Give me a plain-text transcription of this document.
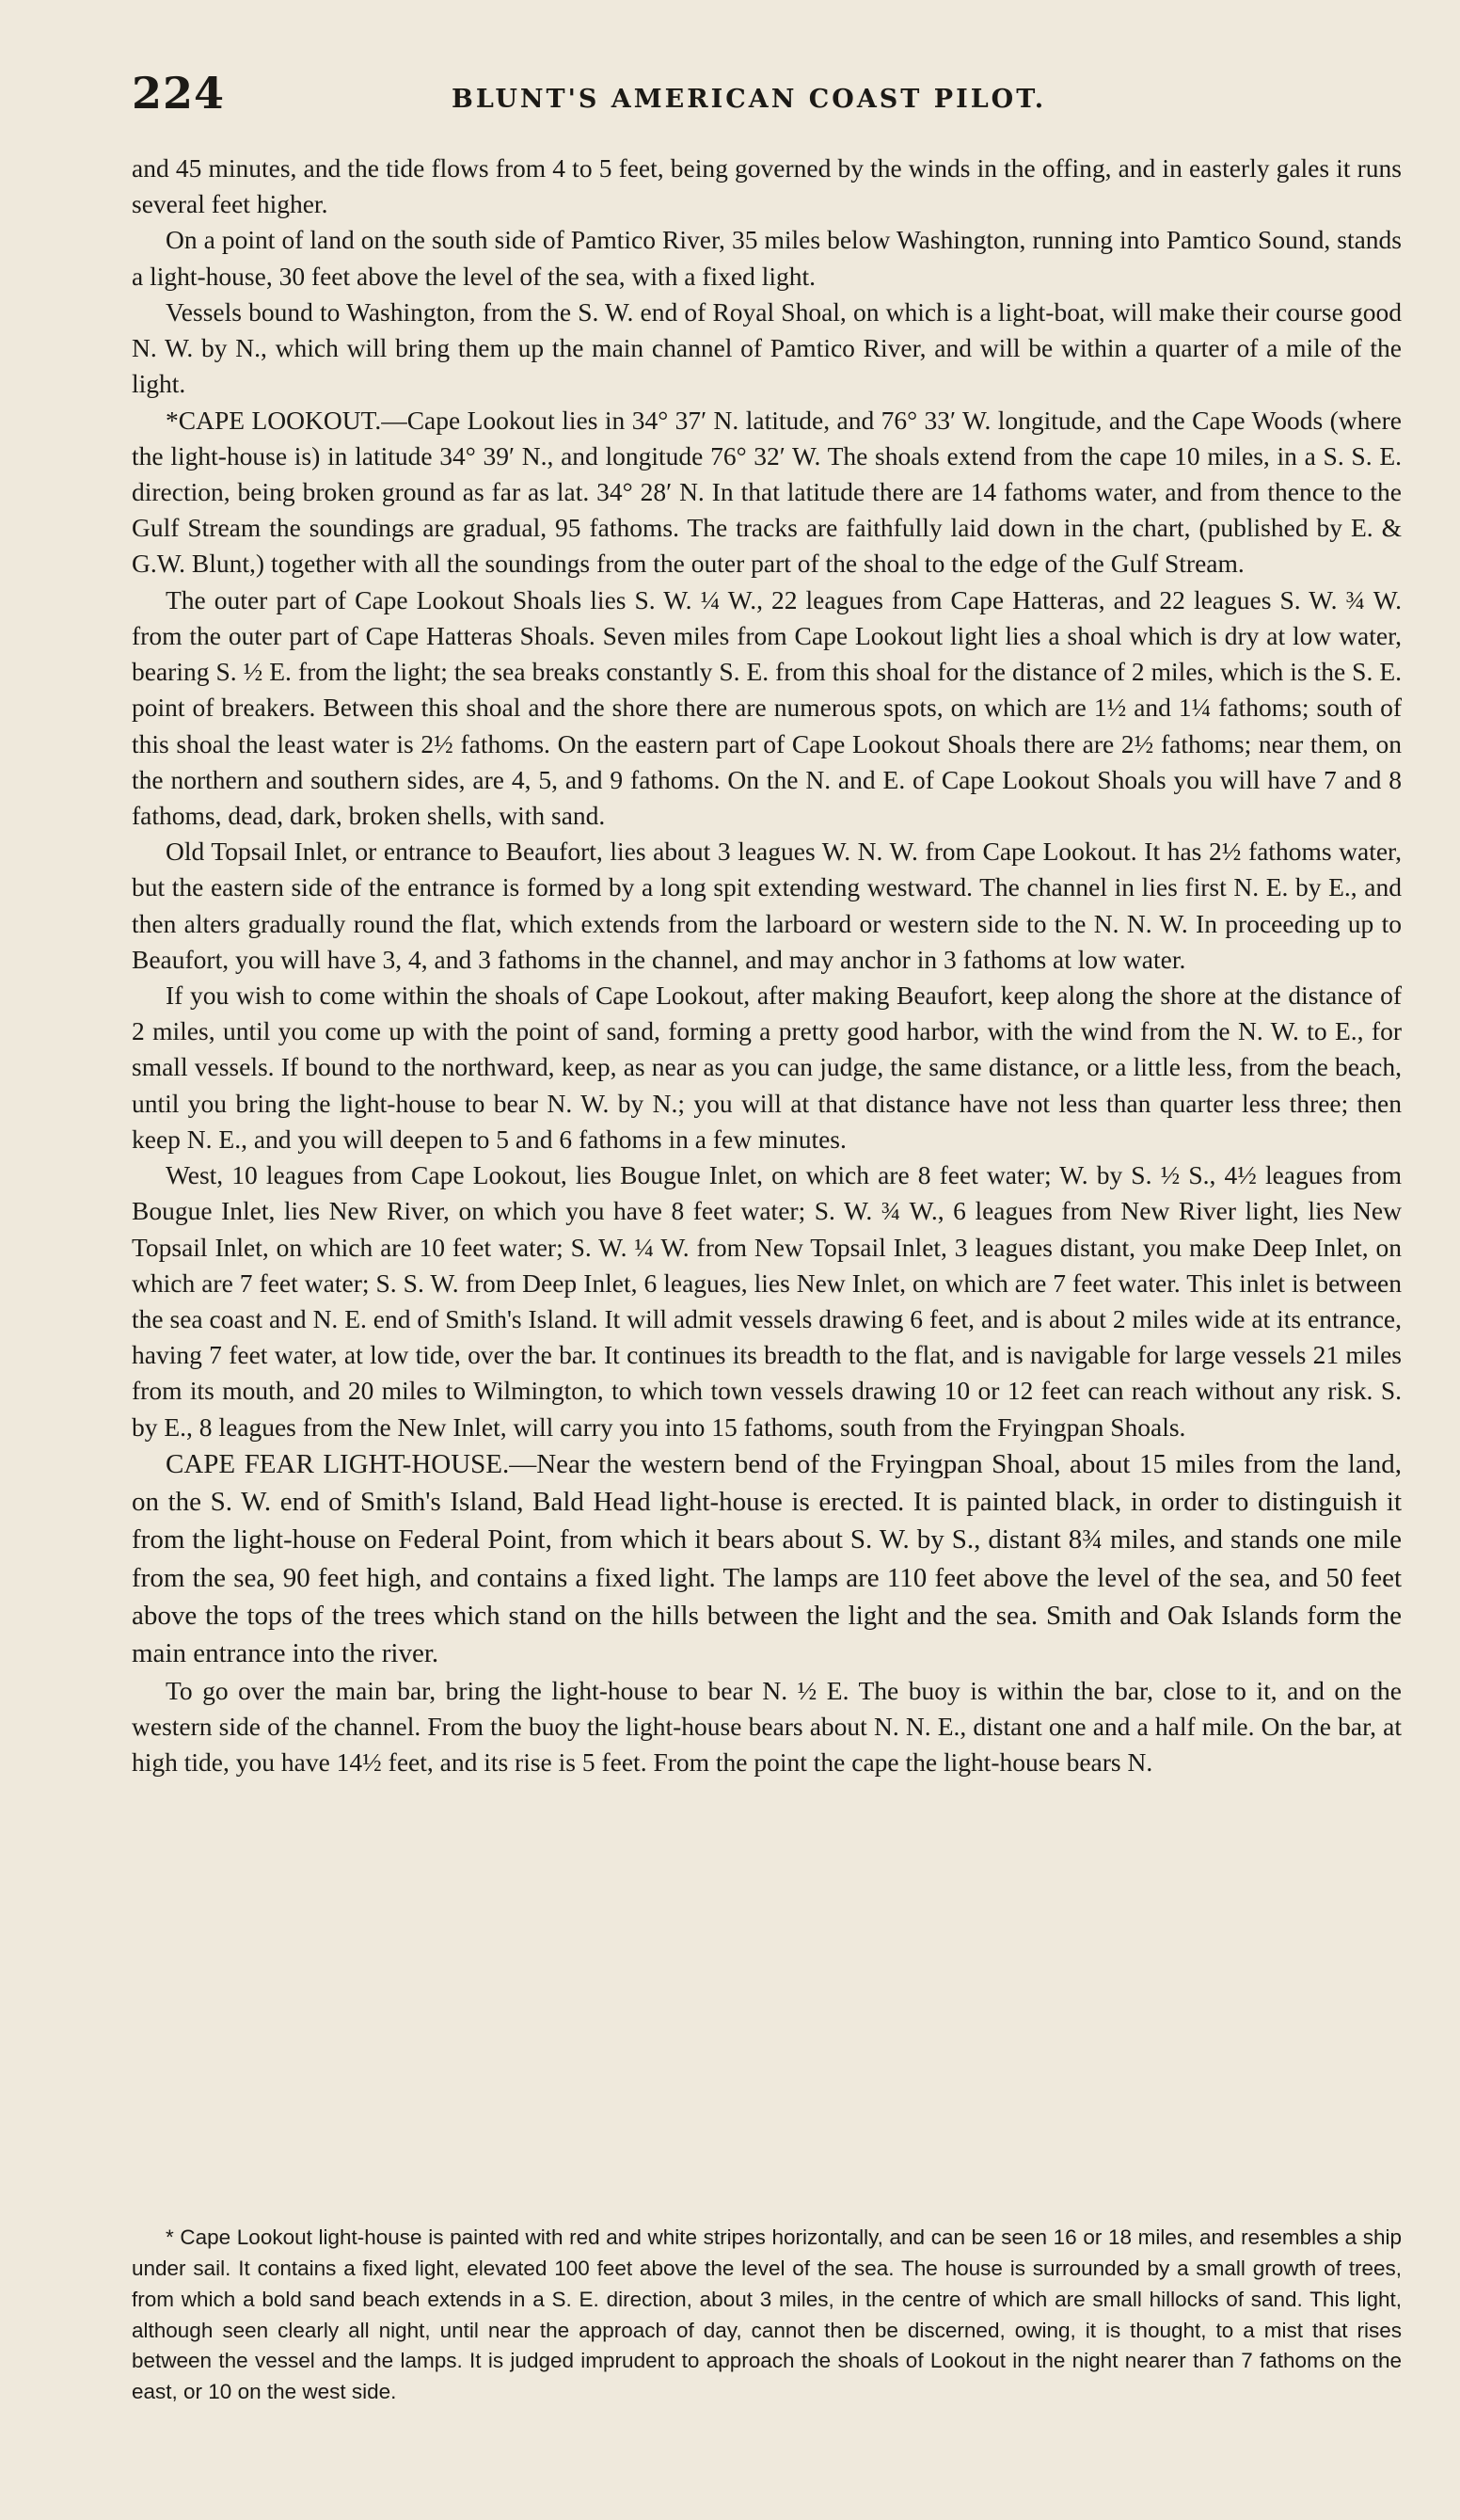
224	BLUNT'S AMERICAN COAST PILOT.

and 45 minutes, and the tide flows from 4 to 5 feet, being governed by the winds in the offing, and in easterly gales it runs several feet higher.

On a point of land on the south side of Pamtico River, 35 miles below Washington, running into Pamtico Sound, stands a light-house, 30 feet above the level of the sea, with a fixed light.

Vessels bound to Washington, from the S. W. end of Royal Shoal, on which is a light-boat, will make their course good N. W. by N., which will bring them up the main channel of Pamtico River, and will be within a quarter of a mile of the light.

*CAPE LOOKOUT.—Cape Lookout lies in 34° 37′ N. latitude, and 76° 33′ W. longitude, and the Cape Woods (where the light-house is) in latitude 34° 39′ N., and longitude 76° 32′ W. The shoals extend from the cape 10 miles, in a S. S. E. direction, being broken ground as far as lat. 34° 28′ N. In that latitude there are 14 fathoms water, and from thence to the Gulf Stream the soundings are gradual, 95 fathoms. The tracks are faithfully laid down in the chart, (published by E. & G.W. Blunt,) together with all the soundings from the outer part of the shoal to the edge of the Gulf Stream.

The outer part of Cape Lookout Shoals lies S. W. ¼ W., 22 leagues from Cape Hatteras, and 22 leagues S. W. ¾ W. from the outer part of Cape Hatteras Shoals. Seven miles from Cape Lookout light lies a shoal which is dry at low water, bearing S. ½ E. from the light; the sea breaks constantly S. E. from this shoal for the distance of 2 miles, which is the S. E. point of breakers. Between this shoal and the shore there are numerous spots, on which are 1½ and 1¼ fathoms; south of this shoal the least water is 2½ fathoms. On the eastern part of Cape Lookout Shoals there are 2½ fathoms; near them, on the northern and southern sides, are 4, 5, and 9 fathoms. On the N. and E. of Cape Lookout Shoals you will have 7 and 8 fathoms, dead, dark, broken shells, with sand.

Old Topsail Inlet, or entrance to Beaufort, lies about 3 leagues W. N. W. from Cape Lookout. It has 2½ fathoms water, but the eastern side of the entrance is formed by a long spit extending westward. The channel in lies first N. E. by E., and then alters gradually round the flat, which extends from the larboard or western side to the N. N. W. In proceeding up to Beaufort, you will have 3, 4, and 3 fathoms in the channel, and may anchor in 3 fathoms at low water.

If you wish to come within the shoals of Cape Lookout, after making Beaufort, keep along the shore at the distance of 2 miles, until you come up with the point of sand, forming a pretty good harbor, with the wind from the N. W. to E., for small vessels. If bound to the northward, keep, as near as you can judge, the same distance, or a little less, from the beach, until you bring the light-house to bear N. W. by N.; you will at that distance have not less than quarter less three; then keep N. E., and you will deepen to 5 and 6 fathoms in a few minutes.

West, 10 leagues from Cape Lookout, lies Bougue Inlet, on which are 8 feet water; W. by S. ½ S., 4½ leagues from Bougue Inlet, lies New River, on which you have 8 feet water; S. W. ¾ W., 6 leagues from New River light, lies New Topsail Inlet, on which are 10 feet water; S. W. ¼ W. from New Topsail Inlet, 3 leagues distant, you make Deep Inlet, on which are 7 feet water; S. S. W. from Deep Inlet, 6 leagues, lies New Inlet, on which are 7 feet water. This inlet is between the sea coast and N. E. end of Smith's Island. It will admit vessels drawing 6 feet, and is about 2 miles wide at its entrance, having 7 feet water, at low tide, over the bar. It continues its breadth to the flat, and is navigable for large vessels 21 miles from its mouth, and 20 miles to Wilmington, to which town vessels drawing 10 or 12 feet can reach without any risk. S. by E., 8 leagues from the New Inlet, will carry you into 15 fathoms, south from the Fryingpan Shoals.

CAPE FEAR LIGHT-HOUSE.—Near the western bend of the Fryingpan Shoal, about 15 miles from the land, on the S. W. end of Smith's Island, Bald Head light-house is erected. It is painted black, in order to distinguish it from the light-house on Federal Point, from which it bears about S. W. by S., distant 8¾ miles, and stands one mile from the sea, 90 feet high, and contains a fixed light. The lamps are 110 feet above the level of the sea, and 50 feet above the tops of the trees which stand on the hills between the light and the sea. Smith and Oak Islands form the main entrance into the river.

To go over the main bar, bring the light-house to bear N. ½ E. The buoy is within the bar, close to it, and on the western side of the channel. From the buoy the light-house bears about N. N. E., distant one and a half mile. On the bar, at high tide, you have 14½ feet, and its rise is 5 feet. From the point the cape the light-house bears N.

* Cape Lookout light-house is painted with red and white stripes horizontally, and can be seen 16 or 18 miles, and resembles a ship under sail. It contains a fixed light, elevated 100 feet above the level of the sea. The house is surrounded by a small growth of trees, from which a bold sand beach extends in a S. E. direction, about 3 miles, in the centre of which are small hillocks of sand. This light, although seen clearly all night, until near the approach of day, cannot then be discerned, owing, it is thought, to a mist that rises between the vessel and the lamps. It is judged imprudent to approach the shoals of Lookout in the night nearer than 7 fathoms on the east, or 10 on the west side.
